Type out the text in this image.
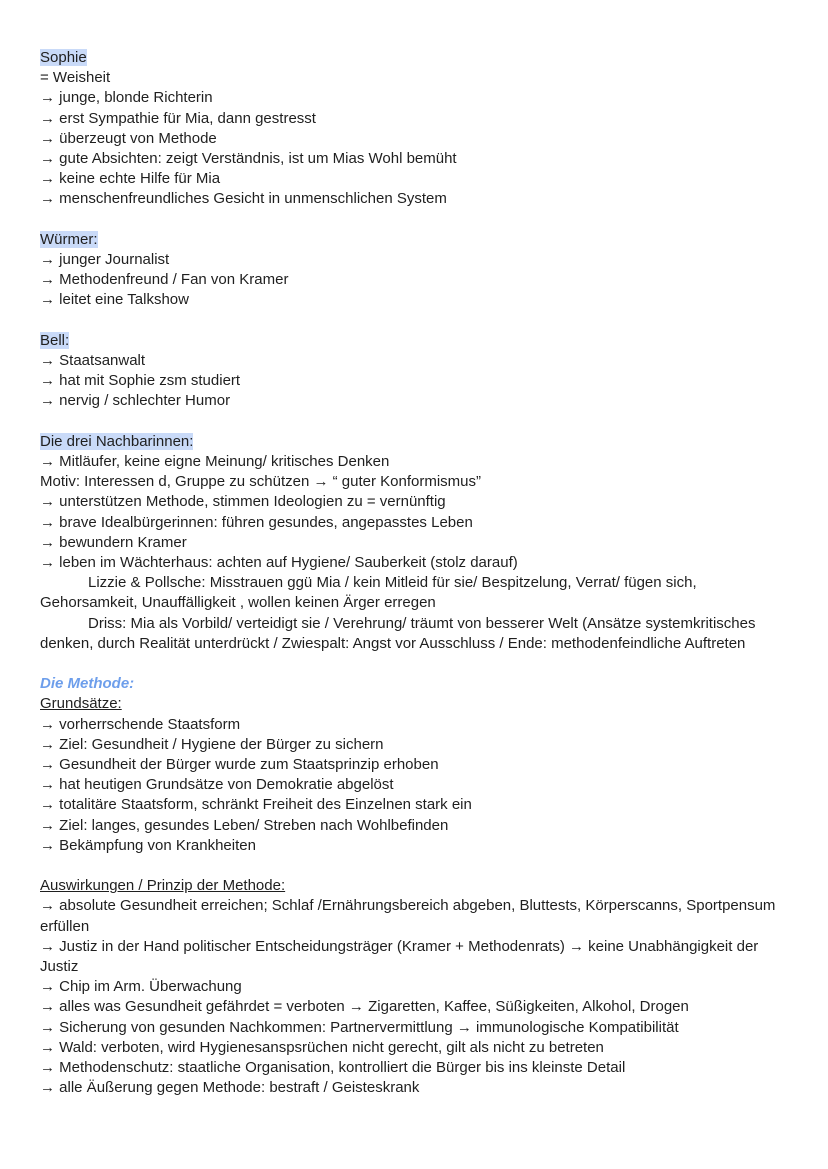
Sophie

= Weisheit

→ junge, blonde Richterin

→ erst Sympathie für Mia, dann gestresst

→ überzeugt von Methode

→ gute Absichten: zeigt Verständnis, ist um Mias Wohl bemüht

→ keine echte Hilfe für Mia

→ menschenfreundliches Gesicht in unmenschlichen System

Würmer:

→ junger Journalist

→ Methodenfreund / Fan von Kramer

→ leitet eine Talkshow

Bell:

→ Staatsanwalt

→ hat mit Sophie zsm studiert

→ nervig / schlechter Humor

Die drei Nachbarinnen:

→ Mitläufer, keine eigne Meinung/ kritisches Denken

Motiv: Interessen d, Gruppe zu schützen → “ guter Konformismus”

→ unterstützen Methode, stimmen Ideologien zu = vernünftig

→ brave Idealbürgerinnen: führen gesundes, angepasstes Leben

→ bewundern Kramer

→ leben im Wächterhaus: achten auf Hygiene/ Sauberkeit (stolz darauf)

Lizzie & Pollsche: Misstrauen ggü Mia / kein Mitleid für sie/ Bespitzelung, Verrat/ fügen sich, Gehorsamkeit, Unauffälligkeit , wollen keinen Ärger erregen

Driss: Mia als Vorbild/ verteidigt sie / Verehrung/ träumt von besserer Welt (Ansätze systemkritisches denken, durch Realität unterdrückt / Zwiespalt: Angst vor Ausschluss / Ende: methodenfeindliche Auftreten

Die Methode:

Grundsätze:

→ vorherrschende Staatsform

→ Ziel: Gesundheit / Hygiene der Bürger zu sichern

→ Gesundheit der Bürger wurde zum Staatsprinzip erhoben

→ hat heutigen Grundsätze von Demokratie abgelöst

→ totalitäre Staatsform, schränkt Freiheit des Einzelnen stark ein

→ Ziel: langes, gesundes Leben/ Streben nach Wohlbefinden

→ Bekämpfung von Krankheiten

Auswirkungen / Prinzip der Methode:

→ absolute Gesundheit erreichen; Schlaf /Ernährungsbereich abgeben, Bluttests, Körperscanns, Sportpensum erfüllen

→ Justiz in der Hand politischer Entscheidungsträger (Kramer + Methodenrats) → keine Unabhängigkeit der Justiz

→ Chip im Arm. Überwachung

→ alles was Gesundheit gefährdet = verboten → Zigaretten, Kaffee, Süßigkeiten, Alkohol, Drogen

→ Sicherung von gesunden Nachkommen: Partnervermittlung → immunologische Kompatibilität

→ Wald: verboten, wird Hygienesanspsrüchen nicht gerecht, gilt als nicht zu betreten

→ Methodenschutz: staatliche Organisation, kontrolliert die Bürger bis ins kleinste Detail

→ alle Äußerung gegen Methode: bestraft / Geisteskrank
